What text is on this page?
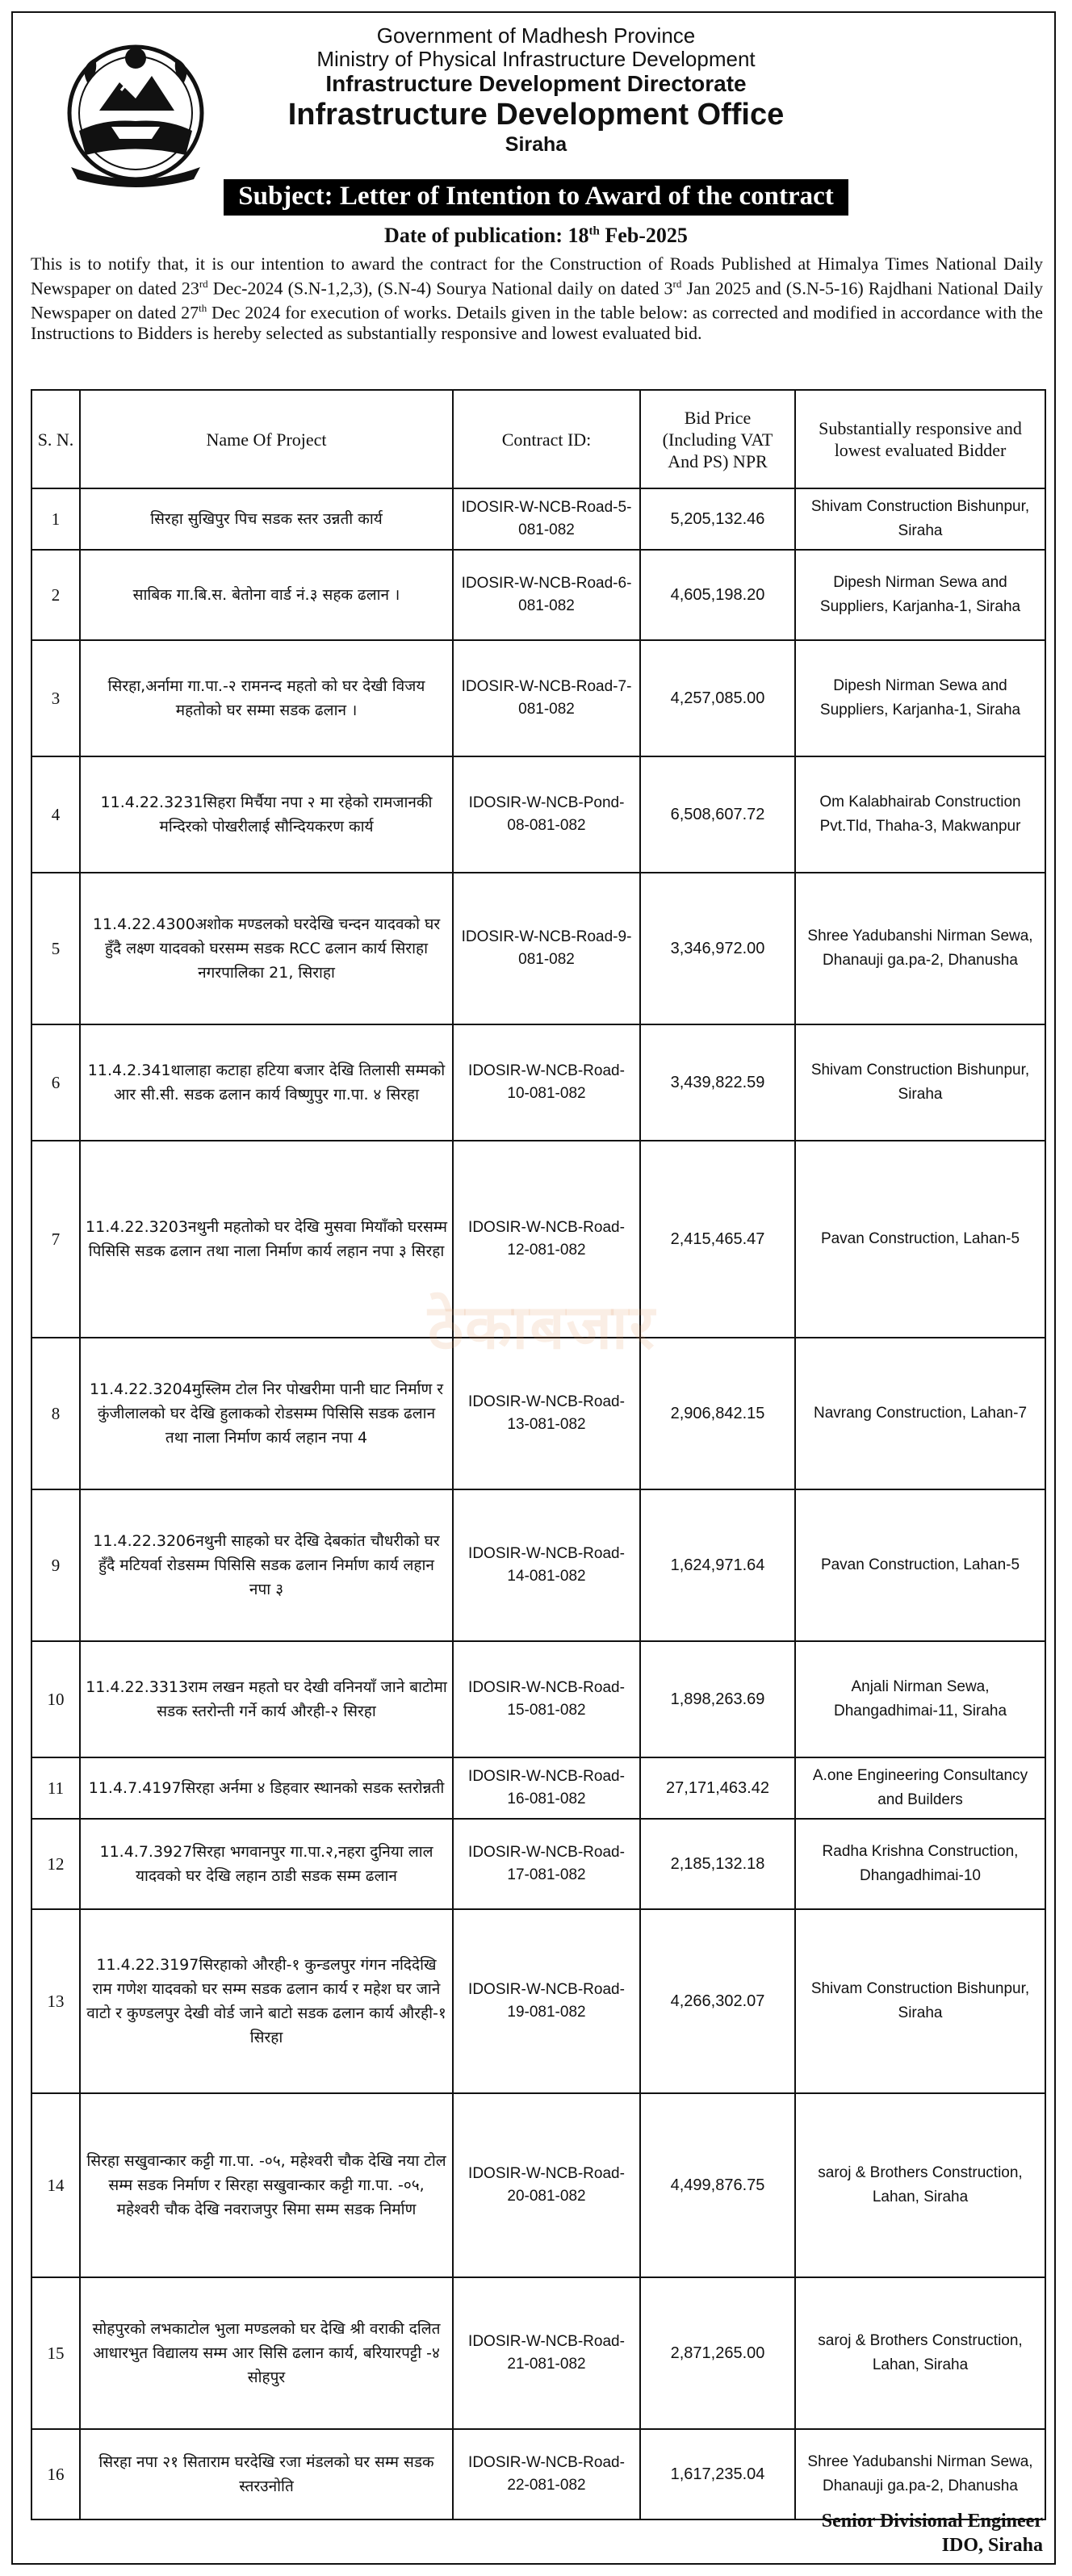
Government of Madhesh Province
Ministry of Physical Infrastructure Development
Infrastructure Development Directorate
Infrastructure Development Office
Siraha
Subject: Letter of Intention to Award of the contract
Date of publication: 18th Feb-2025
This is to notify that, it is our intention to award the contract for the Construction of Roads Published at Himalya Times National Daily Newspaper on dated 23rd Dec-2024 (S.N-1,2,3), (S.N-4) Sourya National daily on dated 3rd Jan 2025 and (S.N-5-16) Rajdhani National Daily Newspaper on dated 27th Dec 2024 for execution of works. Details given in the table below: as corrected and modified in accordance with the Instructions to Bidders is hereby selected as substantially responsive and lowest evaluated bid.
S. N.	Name Of Project	Contract ID:	Bid Price (Including VAT And PS) NPR	Substantially responsive and lowest evaluated Bidder
1	सिरहा सुखिपुर पिच सडक स्तर उन्नती कार्य	IDOSIR-W-NCB-Road-5-081-082	5,205,132.46	Shivam Construction Bishunpur, Siraha
2	साबिक गा.बि.स. बेतोना वार्ड नं.३ सहक ढलान ।	IDOSIR-W-NCB-Road-6-081-082	4,605,198.20	Dipesh Nirman Sewa and Suppliers, Karjanha-1, Siraha
3	सिरहा,अर्नामा गा.पा.-२ रामनन्द महतो को घर देखी विजय महतोको घर सम्मा सडक ढलान ।	IDOSIR-W-NCB-Road-7-081-082	4,257,085.00	Dipesh Nirman Sewa and Suppliers, Karjanha-1, Siraha
4	11.4.22.3231सिहरा मिर्चैया नपा २ मा रहेको रामजानकी मन्दिरको पोखरीलाई सौन्दियकरण कार्य	IDOSIR-W-NCB-Pond-08-081-082	6,508,607.72	Om Kalabhairab Construction Pvt.Tld, Thaha-3, Makwanpur
5	11.4.22.4300अशोक मण्डलको घरदेखि चन्दन यादवको घर हुँदै लक्ष्ण यादवको घरसम्म सडक RCC ढलान कार्य सिराहा नगरपालिका 21, सिराहा	IDOSIR-W-NCB-Road-9-081-082	3,346,972.00	Shree Yadubanshi Nirman Sewa, Dhanauji ga.pa-2, Dhanusha
6	11.4.2.341थालाहा कटाहा हटिया बजार देखि तिलासी सम्मको आर सी.सी. सडक ढलान कार्य विष्णुपुर गा.पा. ४ सिरहा	IDOSIR-W-NCB-Road-10-081-082	3,439,822.59	Shivam Construction Bishunpur, Siraha
7	11.4.22.3203नथुनी महतोको घर देखि मुसवा मियाँको घरसम्म पिसिसि सडक ढलान तथा नाला निर्माण कार्य लहान नपा ३ सिरहा	IDOSIR-W-NCB-Road-12-081-082	2,415,465.47	Pavan Construction, Lahan-5
8	11.4.22.3204मुस्लिम टोल निर पोखरीमा पानी घाट निर्माण र कुंजीलालको घर देखि हुलाकको रोडसम्म पिसिसि सडक ढलान तथा नाला निर्माण कार्य लहान नपा 4	IDOSIR-W-NCB-Road-13-081-082	2,906,842.15	Navrang Construction, Lahan-7
9	11.4.22.3206नथुनी साहको घर देखि देबकांत चौधरीको घर हुँदै मटियर्वा रोडसम्म पिसिसि सडक ढलान निर्माण कार्य लहान नपा ३	IDOSIR-W-NCB-Road-14-081-082	1,624,971.64	Pavan Construction, Lahan-5
10	11.4.22.3313राम लखन महतो घर देखी वनिनयाँ जाने बाटोमा सडक स्तरोन्ती गर्ने कार्य औरही-२ सिरहा	IDOSIR-W-NCB-Road-15-081-082	1,898,263.69	Anjali Nirman Sewa, Dhangadhimai-11, Siraha
11	11.4.7.4197सिरहा अर्नमा ४ डिहवार स्थानको सडक स्तरोन्नती	IDOSIR-W-NCB-Road-16-081-082	27,171,463.42	A.one Engineering Consultancy and Builders
12	11.4.7.3927सिरहा भगवानपुर गा.पा.२,नहरा दुनिया लाल यादवको घर देखि लहान ठाडी सडक सम्म ढलान	IDOSIR-W-NCB-Road-17-081-082	2,185,132.18	Radha Krishna Construction, Dhangadhimai-10
13	11.4.22.3197सिरहाको औरही-१ कुन्डलपुर गंगन नदिदेखि राम गणेश यादवको घर सम्म सडक ढलान कार्य र महेश घर जाने वाटो र कुण्डलपुर देखी वोर्ड जाने बाटो सडक ढलान कार्य औरही-१ सिरहा	IDOSIR-W-NCB-Road-19-081-082	4,266,302.07	Shivam Construction Bishunpur, Siraha
14	सिरहा सखुवान्कार कट्टी गा.पा. -०५, महेश्वरी चौक देखि नया टोल सम्म सडक निर्माण र सिरहा सखुवान्कार कट्टी गा.पा. -०५, महेश्वरी चौक देखि नवराजपुर सिमा सम्म सडक निर्माण	IDOSIR-W-NCB-Road-20-081-082	4,499,876.75	saroj & Brothers Construction, Lahan, Siraha
15	सोहपुरको लभकाटोल भुला मण्डलको घर देखि श्री वराकी दलित आधारभुत विद्यालय सम्म आर सिसि ढलान कार्य, बरियारपट्टी -४ सोहपुर	IDOSIR-W-NCB-Road-21-081-082	2,871,265.00	saroj & Brothers Construction, Lahan, Siraha
16	सिरहा नपा २१ सिताराम घरदेखि रजा मंडलको घर सम्म सडक स्तरउनोति	IDOSIR-W-NCB-Road-22-081-082	1,617,235.04	Shree Yadubanshi Nirman Sewa, Dhanauji ga.pa-2, Dhanusha
Senior Divisional Engineer
IDO, Siraha
